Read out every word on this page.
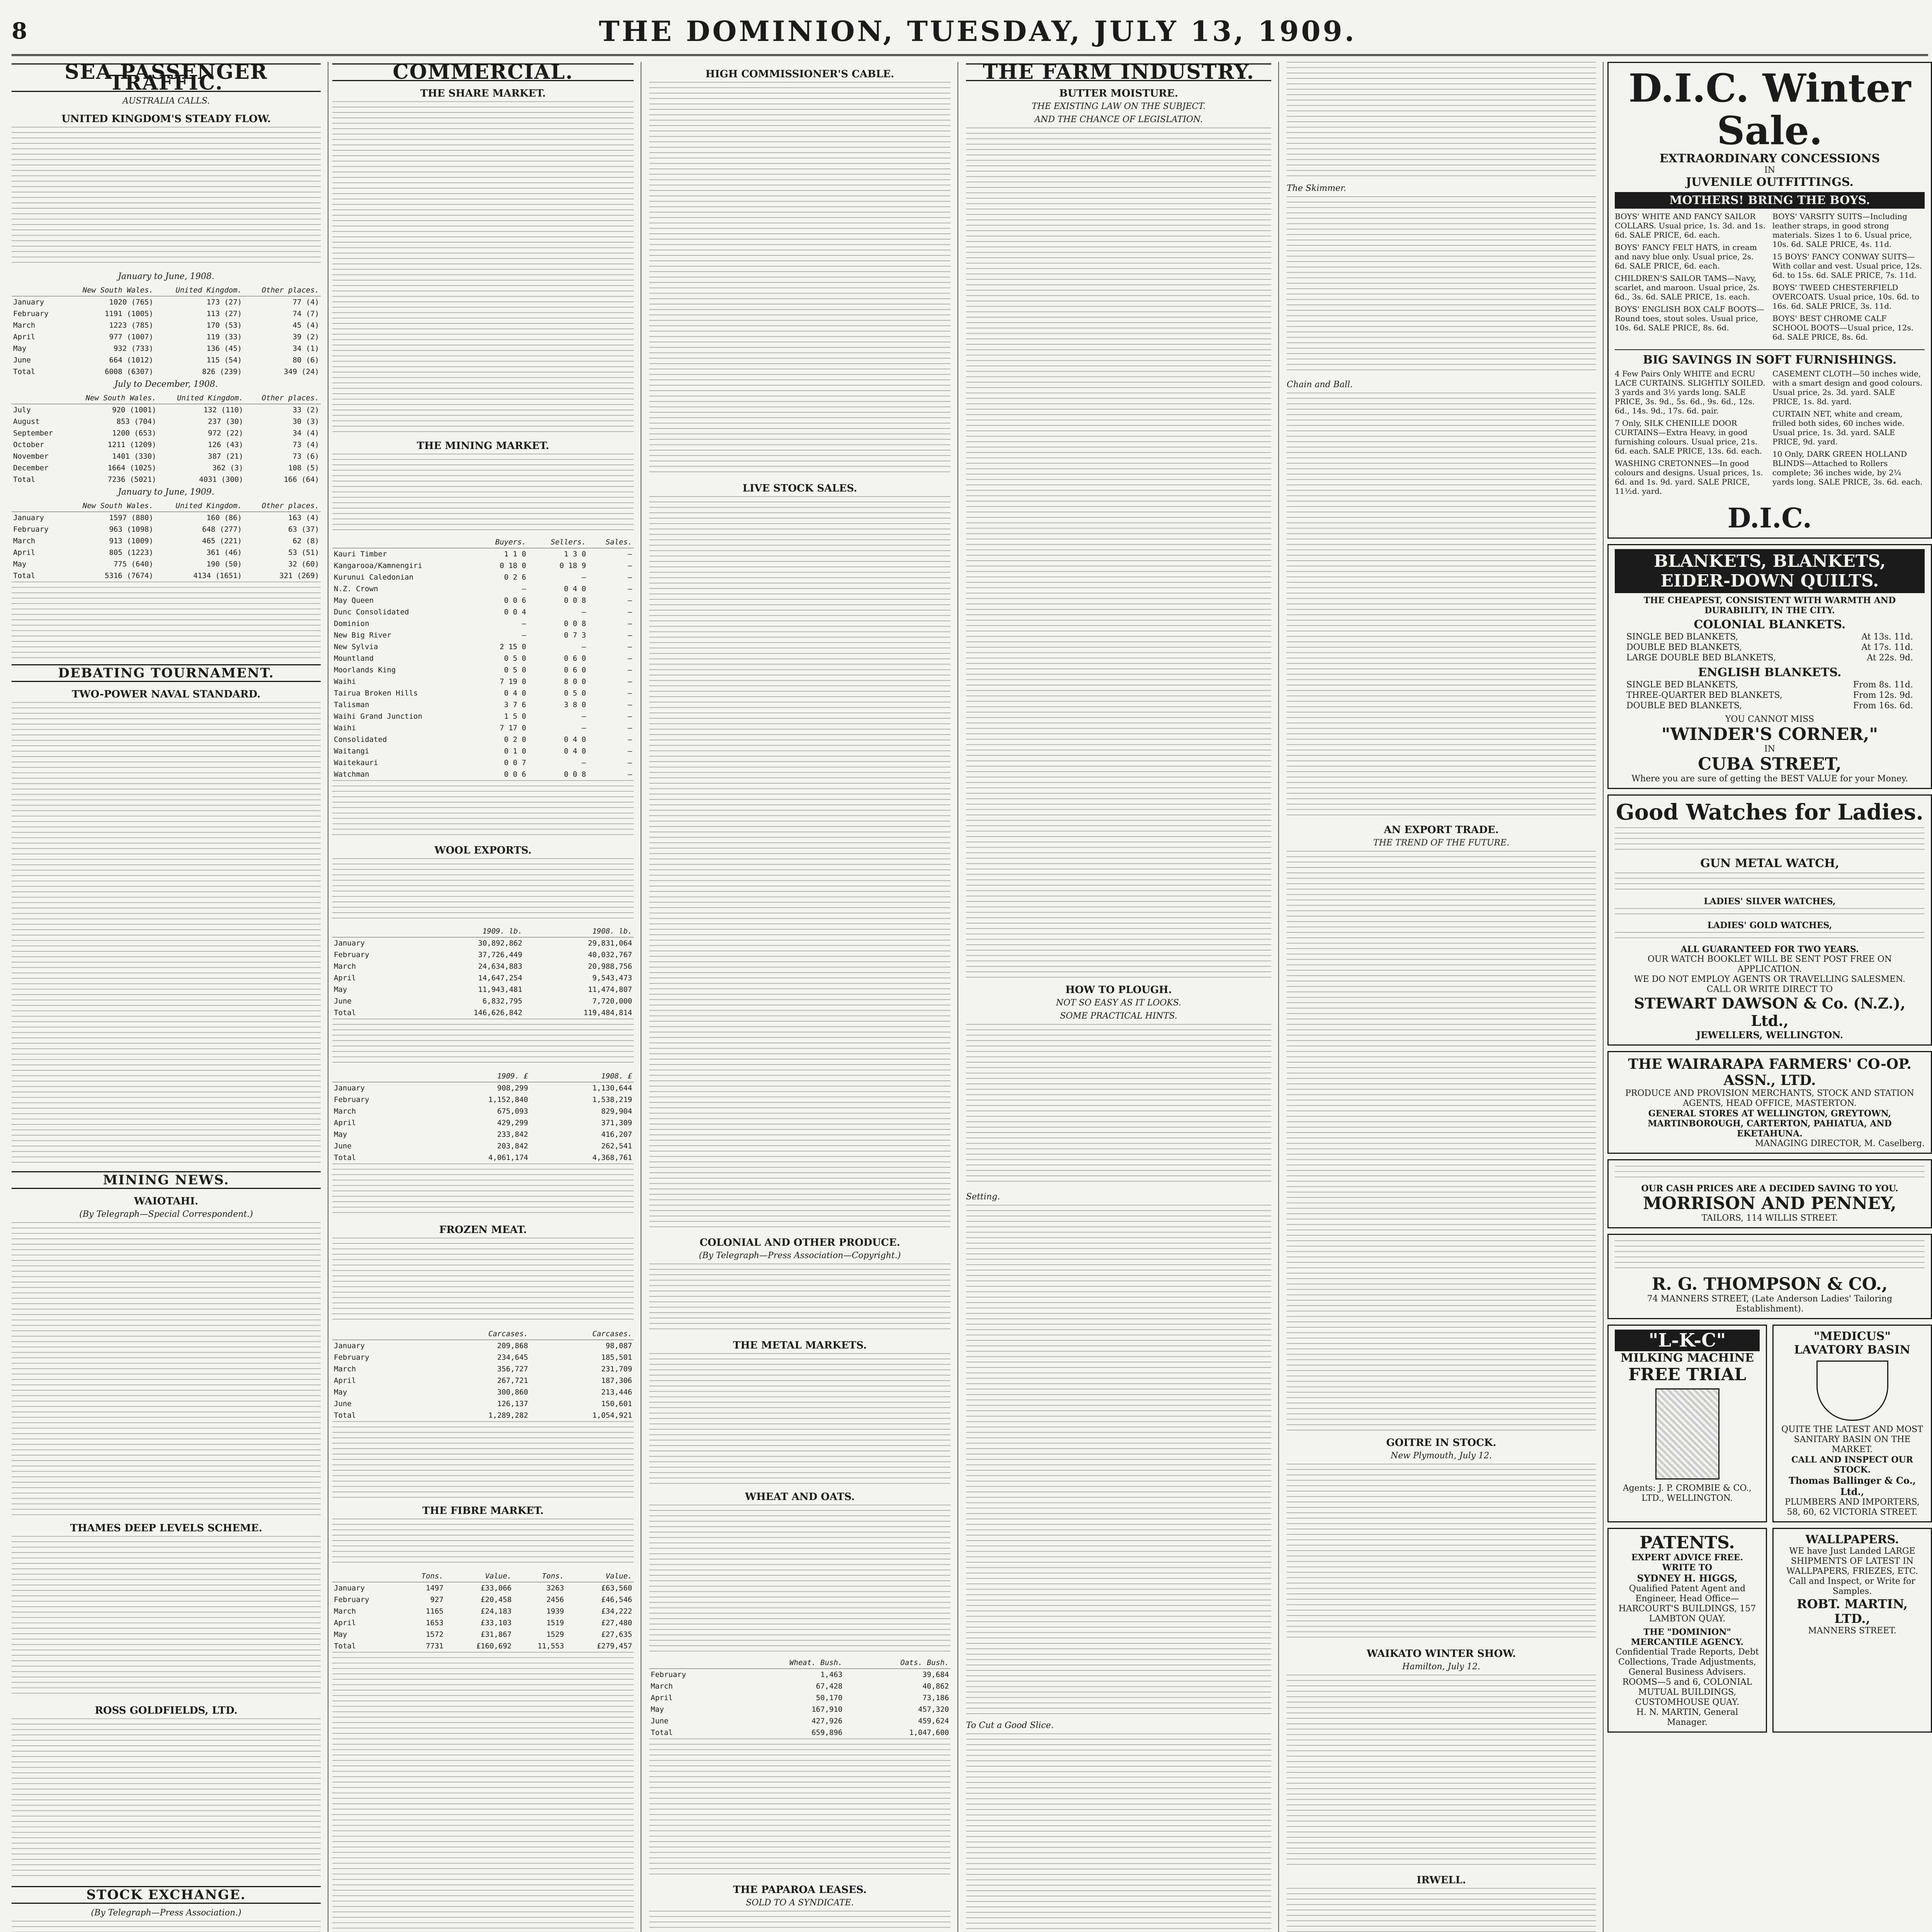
8	THE DOMINION, TUESDAY, JULY 13, 1909.
SEA PASSENGER TRAFFIC.
AUSTRALIA CALLS.
UNITED KINGDOM'S STEADY FLOW.
January to June, 1908.
	New South Wales.	United Kingdom.	Other places.
January	1020 (765)	173 (27)	77 (4)
February	1191 (1005)	113 (27)	74 (7)
March	1223 (785)	170 (53)	45 (4)
April	977 (1007)	119 (33)	39 (2)
May	932 (733)	136 (45)	34 (1)
June	664 (1012)	115 (54)	80 (6)
Total	6008 (6307)	826 (239)	349 (24)
July to December, 1908.
	New South Wales.	United Kingdom.	Other places.
July	920 (1001)	132 (110)	33 (2)
August	853 (704)	237 (30)	30 (3)
September	1200 (653)	972 (22)	34 (4)
October	1211 (1209)	126 (43)	73 (4)
November	1401 (330)	387 (21)	73 (6)
December	1664 (1025)	362 (3)	108 (5)
Total	7236 (5021)	4031 (300)	166 (64)
January to June, 1909.
	New South Wales.	United Kingdom.	Other places.
January	1597 (880)	160 (86)	163 (4)
February	963 (1098)	648 (277)	63 (37)
March	913 (1009)	465 (221)	62 (8)
April	805 (1223)	361 (46)	53 (51)
May	775 (640)	190 (50)	32 (60)
Total	5316 (7674)	4134 (1651)	321 (269)
DEBATING TOURNAMENT.
TWO-POWER NAVAL STANDARD.
MINING NEWS.
WAIOTAHI.
(By Telegraph—Special Correspondent.)
THAMES DEEP LEVELS SCHEME.
ROSS GOLDFIELDS, LTD.
STOCK EXCHANGE.
(By Telegraph—Press Association.)

COMMERCIAL.
THE SHARE MARKET.
THE MINING MARKET.
	Buyers.	Sellers.	Sales.
Kauri Timber	1 1 0	1 3 0	—
Kangarooa/Kamnengiri	0 18 0	0 18 9	—
Kurunui Caledonian	0 2 6	—	—
N.Z. Crown	—	0 4 0	—
May Queen	0 0 6	0 0 8	—
Dunc Consolidated	0 0 4	—	—
Dominion	—	0 0 8	—
New Big River	—	0 7 3	—
New Sylvia	2 15 0	—	—
Mountland	0 5 0	0 6 0	—
Moorlands King	0 5 0	0 6 0	—
Waihi	7 19 0	8 0 0	—
Tairua Broken Hills	0 4 0	0 5 0	—
Talisman	3 7 6	3 8 0	—
Waihi Grand Junction	1 5 0	—	—
Waihi	7 17 0	—	—
Consolidated	0 2 0	0 4 0	—
Waitangi	0 1 0	0 4 0	—
Waitekauri	0 0 7	—	—
Watchman	0 0 6	0 0 8	—
WOOL EXPORTS.
	1909. lb.	1908. lb.
January	30,892,862	29,831,064
February	37,726,449	40,032,767
March	24,634,883	20,988,756
April	14,647,254	9,543,473
May	11,943,481	11,474,807
June	6,832,795	7,720,000
Total	146,626,842	119,484,814
	1909. £	1908. £
January	908,299	1,130,644
February	1,152,840	1,538,219
March	675,093	829,904
April	429,299	371,309
May	233,842	416,207
June	203,842	262,541
Total	4,061,174	4,368,761
FROZEN MEAT.
	Carcases.	Carcases.
January	209,868	98,087
February	234,645	185,501
March	356,727	231,709
April	267,721	187,306
May	300,860	213,446
June	126,137	150,601
Total	1,289,282	1,054,921
THE FIBRE MARKET.
	Tons.	Value.	Tons.	Value.
January	1497	£33,066	3263	£63,560
February	927	£20,458	2456	£46,546
March	1165	£24,183	1939	£34,222
April	1653	£33,103	1519	£27,480
May	1572	£31,867	1529	£27,635
Total	7731	£160,692	11,553	£279,457
HIGH COMMISSIONER'S CABLE.
LIVE STOCK SALES.
COLONIAL AND OTHER PRODUCE.
(By Telegraph—Press Association—Copyright.)
THE METAL MARKETS.
WHEAT AND OATS.
	Wheat. Bush.	Oats. Bush.
February	1,463	39,684
March	67,428	40,862
April	50,170	73,186
May	167,910	457,320
June	427,926	459,624
Total	659,896	1,047,600
THE PAPAROA LEASES.
SOLD TO A SYNDICATE.
THE FARM INDUSTRY.
BUTTER MOISTURE.
THE EXISTING LAW ON THE SUBJECT.
AND THE CHANCE OF LEGISLATION.
HOW TO PLOUGH.
NOT SO EASY AS IT LOOKS.
SOME PRACTICAL HINTS.
Setting.
To Cut a Good Slice.
The Skimmer.
Chain and Ball.
AN EXPORT TRADE.
THE TREND OF THE FUTURE.
GOITRE IN STOCK.
New Plymouth, July 12.
WAIKATO WINTER SHOW.
Hamilton, July 12.
IRWELL.
D.I.C. Winter Sale.
EXTRAORDINARY CONCESSIONS
IN
JUVENILE OUTFITTINGS.
MOTHERS! BRING THE BOYS.
BOYS' WHITE AND FANCY SAILOR COLLARS. Usual price, 1s. 3d. and 1s. 6d. SALE PRICE, 6d. each.
BOYS' FANCY FELT HATS, in cream and navy blue only. Usual price, 2s. 6d. SALE PRICE, 6d. each.
CHILDREN'S SAILOR TAMS—Navy, scarlet, and maroon. Usual price, 2s. 6d., 3s. 6d. SALE PRICE, 1s. each.
BOYS' ENGLISH BOX CALF BOOTS—Round toes, stout soles. Usual price, 10s. 6d. SALE PRICE, 8s. 6d.
BOYS' VARSITY SUITS—Including leather straps, in good strong materials. Sizes 1 to 6. Usual price, 10s. 6d. SALE PRICE, 4s. 11d.
15 BOYS' FANCY CONWAY SUITS—With collar and vest. Usual price, 12s. 6d. to 15s. 6d. SALE PRICE, 7s. 11d.
BOYS' TWEED CHESTERFIELD OVERCOATS. Usual price, 10s. 6d. to 16s. 6d. SALE PRICE, 3s. 11d.
BOYS' BEST CHROME CALF SCHOOL BOOTS—Usual price, 12s. 6d. SALE PRICE, 8s. 6d.
BIG SAVINGS IN SOFT FURNISHINGS.
4 Few Pairs Only WHITE and ECRU LACE CURTAINS. SLIGHTLY SOILED. 3 yards and 3½ yards long. SALE PRICE, 3s. 9d., 5s. 6d., 9s. 6d., 12s. 6d., 14s. 9d., 17s. 6d. pair.
7 Only, SILK CHENILLE DOOR CURTAINS—Extra Heavy, in good furnishing colours. Usual price, 21s. 6d. each. SALE PRICE, 13s. 6d. each.
WASHING CRETONNES—In good colours and designs. Usual prices, 1s. 6d. and 1s. 9d. yard. SALE PRICE, 11½d. yard.
CASEMENT CLOTH—50 inches wide, with a smart design and good colours. Usual price, 2s. 3d. yard. SALE PRICE, 1s. 8d. yard.
CURTAIN NET, white and cream, frilled both sides, 60 inches wide. Usual price, 1s. 3d. yard. SALE PRICE, 9d. yard.
10 Only, DARK GREEN HOLLAND BLINDS—Attached to Rollers complete; 36 inches wide, by 2¼ yards long. SALE PRICE, 3s. 6d. each.
D.I.C.
BLANKETS, BLANKETS, EIDER-DOWN QUILTS.
THE CHEAPEST, CONSISTENT WITH WARMTH AND DURABILITY, IN THE CITY.
COLONIAL BLANKETS.
SINGLE BED BLANKETS,	At 13s. 11d.
DOUBLE BED BLANKETS,	At 17s. 11d.
LARGE DOUBLE BED BLANKETS,	At 22s. 9d.
ENGLISH BLANKETS.
SINGLE BED BLANKETS,	From 8s. 11d.
THREE-QUARTER BED BLANKETS,	From 12s. 9d.
DOUBLE BED BLANKETS,	From 16s. 6d.
YOU CANNOT MISS
"WINDER'S CORNER,"
IN
CUBA STREET,
Where you are sure of getting the BEST VALUE for your Money.
Good Watches for Ladies.
GUN METAL WATCH,
LADIES' SILVER WATCHES,
LADIES' GOLD WATCHES,
ALL GUARANTEED FOR TWO YEARS.
OUR WATCH BOOKLET WILL BE SENT POST FREE ON APPLICATION.
WE DO NOT EMPLOY AGENTS OR TRAVELLING SALESMEN.
CALL OR WRITE DIRECT TO
STEWART DAWSON & Co. (N.Z.), Ltd.,
JEWELLERS, WELLINGTON.
THE WAIRARAPA FARMERS' CO-OP. ASSN., LTD.
PRODUCE AND PROVISION MERCHANTS, STOCK AND STATION AGENTS, HEAD OFFICE, MASTERTON.
GENERAL STORES AT WELLINGTON, GREYTOWN, MARTINBOROUGH, CARTERTON, PAHIATUA, AND EKETAHUNA.
MANAGING DIRECTOR, M. Caselberg.
OUR CASH PRICES ARE A DECIDED SAVING TO YOU.
MORRISON AND PENNEY,
TAILORS, 114 WILLIS STREET.
R. G. THOMPSON & CO.,
74 MANNERS STREET, (Late Anderson Ladies' Tailoring Establishment).
"L-K-C"
MILKING MACHINE
FREE TRIAL
Agents: J. P. CROMBIE & CO., LTD., WELLINGTON.
"MEDICUS" LAVATORY BASIN
QUITE THE LATEST AND MOST SANITARY BASIN ON THE MARKET.
CALL AND INSPECT OUR STOCK.
Thomas Ballinger & Co., Ltd.,
PLUMBERS AND IMPORTERS, 58, 60, 62 VICTORIA STREET.
PATENTS.
EXPERT ADVICE FREE. WRITE TO
SYDNEY H. HIGGS,
Qualified Patent Agent and Engineer, Head Office—HARCOURT'S BUILDINGS, 157 LAMBTON QUAY.
THE "DOMINION" MERCANTILE AGENCY.
Confidential Trade Reports, Debt Collections, Trade Adjustments, General Business Advisers. ROOMS—5 and 6, COLONIAL MUTUAL BUILDINGS, CUSTOMHOUSE QUAY.
H. N. MARTIN, General Manager.
WALLPAPERS.
WE have Just Landed LARGE SHIPMENTS OF LATEST IN WALLPAPERS, FRIEZES, ETC.
Call and Inspect, or Write for Samples.
ROBT. MARTIN, LTD.,
MANNERS STREET.
